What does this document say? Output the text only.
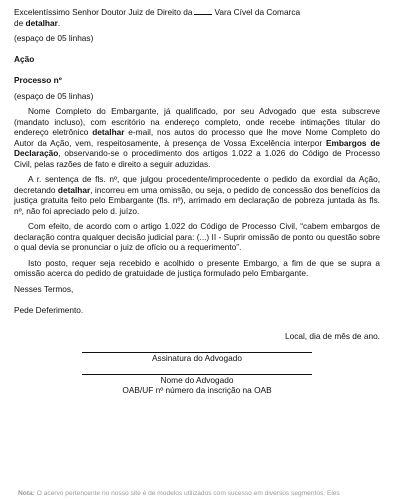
Excelentíssimo Senhor Doutor Juiz de Direito da	Vara Cível da Comarca
de detalhar.

(espaço de 05 linhas)

Ação

Processo nº

(espaço de 05 linhas)

Nome Completo do Embargante, já qualificado, por seu Advogado que esta subscreve (mandato incluso), com escritório na endereço completo, onde recebe intimações titular do endereço eletrônico detalhar e-mail, nos autos do processo que lhe move Nome Completo do Autor da Ação, vem, respeitosamente, à presença de Vossa Excelência interpor Embargos de Declaração, observando-se o procedimento dos artigos 1.022 a 1.026 do Código de Processo Civil, pelas razões de fato e direito a seguir aduzidas.

A r. sentença de fls. nº, que julgou procedente/improcedente o pedido da exordial da Ação, decretando detalhar, incorreu em uma omissão, ou seja, o pedido de concessão dos benefícios da justiça gratuita feito pelo Embargante (fls. nº), arrimado em declaração de pobreza juntada às fls. nº, não foi apreciado pelo d. juízo.

Com efeito, de acordo com o artigo 1.022 do Código de Processo Civil, “cabem embargos de declaração contra qualquer decisão judicial para: (...) II - Suprir omissão de ponto ou questão sobre o qual devia se pronunciar o juiz de ofício ou a requerimento”.

Isto posto, requer seja recebido e acolhido o presente Embargo, a fim de que se supra a omissão acerca do pedido de gratuidade de justiça formulado pelo Embargante.

Nesses Termos,

Pede Deferimento.

Local, dia de mês de ano.

Assinatura do Advogado

Nome do Advogado

OAB/UF nº número da inscrição na OAB

Nota: O acervo pertencente no nosso site é de modelos utilizados com sucesso em diversos segmentos. Eles
